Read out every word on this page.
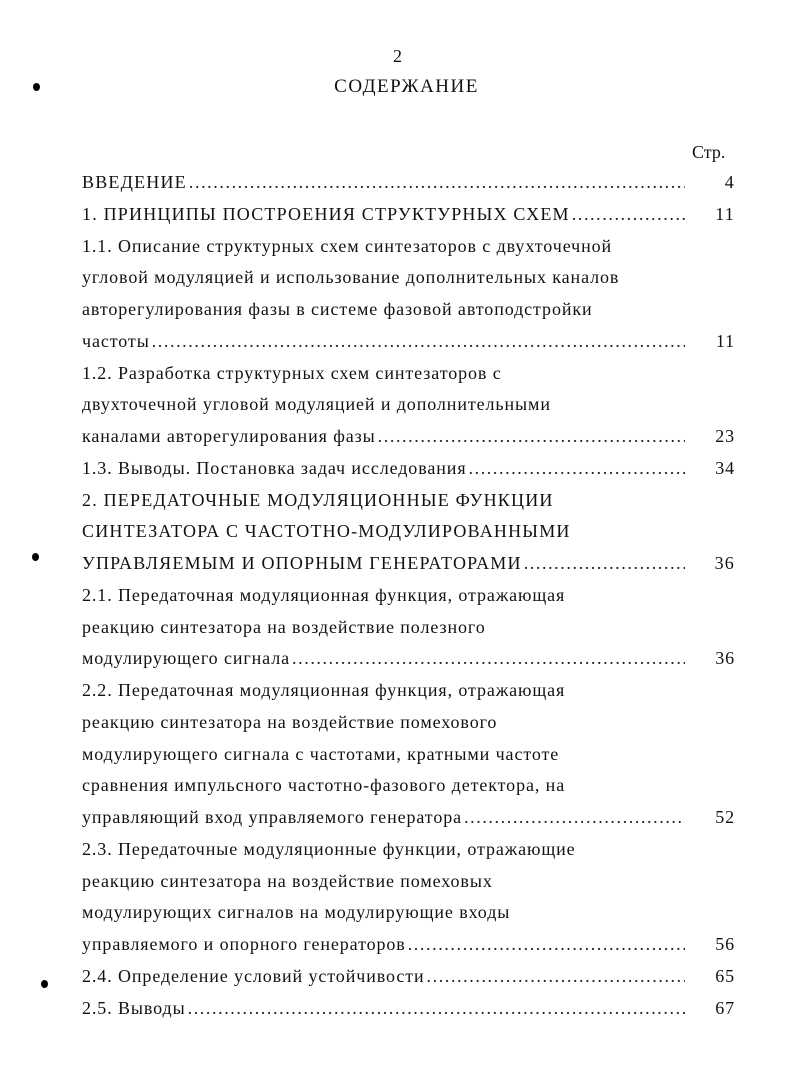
2
СОДЕРЖАНИЕ
Стр.
ВВЕДЕНИЕ .....	4
1. ПРИНЦИПЫ ПОСТРОЕНИЯ СТРУКТУРНЫХ СХЕМ .....	11
1.1. Описание структурных схем синтезаторов с двухточечной
угловой модуляцией и использование дополнительных каналов
авторегулирования фазы в системе фазовой автоподстройки
частоты .....	11
1.2. Разработка структурных схем синтезаторов с
двухточечной угловой модуляцией и дополнительными
каналами авторегулирования фазы .....	23
1.3. Выводы. Постановка задач исследования .....	34
2. ПЕРЕДАТОЧНЫЕ МОДУЛЯЦИОННЫЕ ФУНКЦИИ
СИНТЕЗАТОРА С ЧАСТОТНО-МОДУЛИРОВАННЫМИ
УПРАВЛЯЕМЫМ И ОПОРНЫМ ГЕНЕРАТОРАМИ .....	36
2.1. Передаточная модуляционная функция, отражающая
реакцию синтезатора на воздействие полезного
модулирующего сигнала .....	36
2.2. Передаточная модуляционная функция, отражающая
реакцию синтезатора на воздействие помехового
модулирующего сигнала с частотами, кратными частоте
сравнения импульсного частотно-фазового детектора, на
управляющий вход управляемого генератора .....	52
2.3. Передаточные модуляционные функции, отражающие
реакцию синтезатора на воздействие помеховых
модулирующих сигналов на модулирующие входы
управляемого и опорного генераторов .....	56
2.4. Определение условий устойчивости .....	65
2.5. Выводы .....	67
